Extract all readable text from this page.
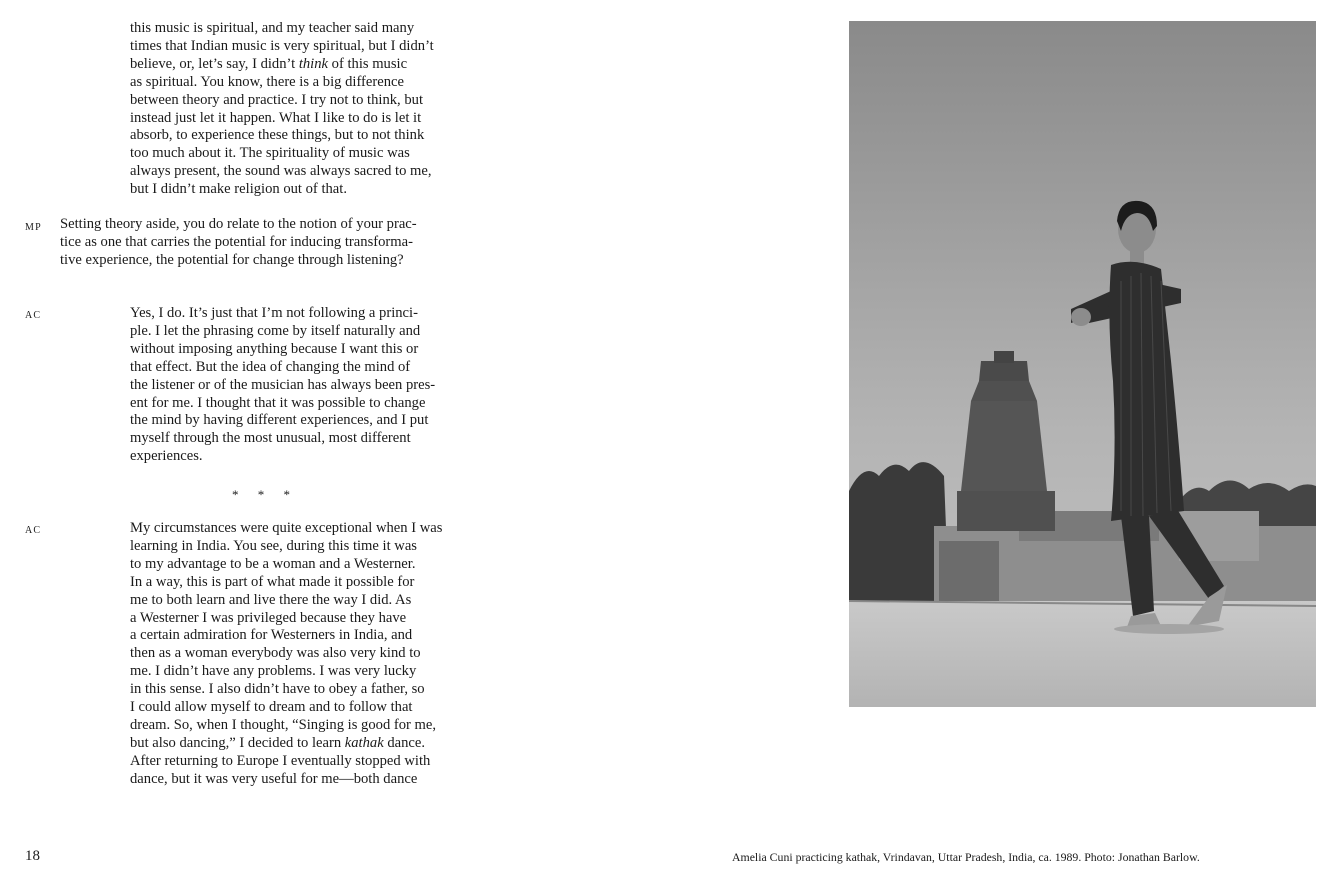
this music is spiritual, and my teacher said many
times that Indian music is very spiritual, but I didn’t
believe, or, let’s say, I didn’t think of this music
as spiritual. You know, there is a big difference
between theory and practice. I try not to think, but
instead just let it happen. What I like to do is let it
absorb, to experience these things, but to not think
too much about it. The spirituality of music was
always present, the sound was always sacred to me,
but I didn’t make religion out of that.

MP Setting theory aside, you do relate to the notion of your prac-
tice as one that carries the potential for inducing transforma-
tive experience, the potential for change through listening?

AC	Yes, I do. It’s just that I’m not following a princi-
ple. I let the phrasing come by itself naturally and
without imposing anything because I want this or
that effect. But the idea of changing the mind of
the listener or of the musician has always been pres-
ent for me. I thought that it was possible to change
the mind by having different experiences, and I put
myself through the most unusual, most different
experiences.

* * *
AC	My circumstances were quite exceptional when I was
learning in India. You see, during this time it was
to my advantage to be a woman and a Westerner.
In a way, this is part of what made it possible for
me to both learn and live there the way I did. As
a Westerner I was privileged because they have
a certain admiration for Westerners in India, and
then as a woman everybody was also very kind to
me. I didn’t have any problems. I was very lucky
in this sense. I also didn’t have to obey a father, so
I could allow myself to dream and to follow that
dream. So, when I thought, “Singing is good for me,
but also dancing,” I decided to learn kathak dance.
After returning to Europe I eventually stopped with
dance, but it was very useful for me—both dance

18	Amelia Cuni practicing kathak, Vrindavan, Uttar Pradesh, India, ca. 1989. Photo: Jonathan Barlow.
